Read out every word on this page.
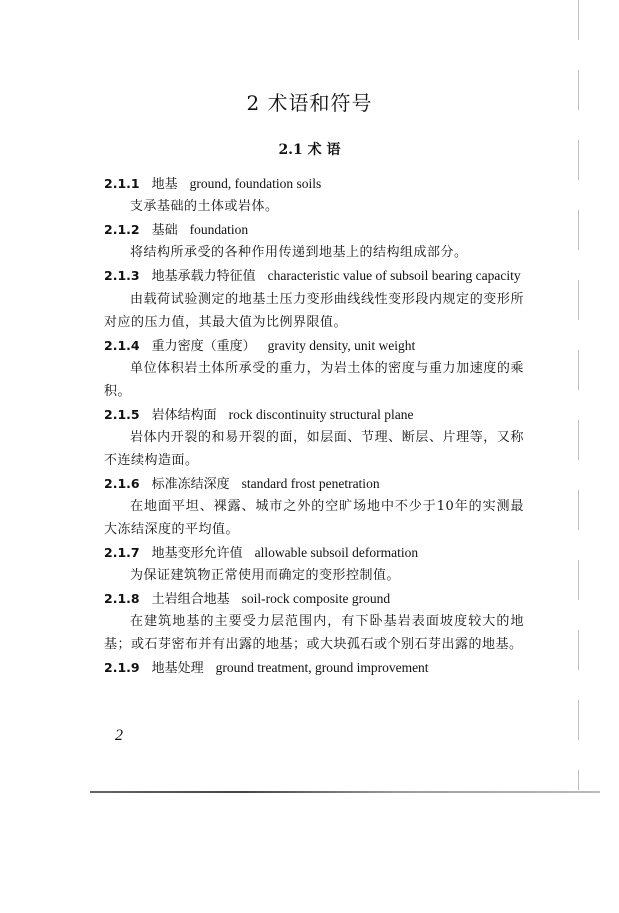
2 术语和符号
2.1 术 语
2.1.1 地基 ground, foundation soils
支承基础的土体或岩体。
2.1.2 基础 foundation
将结构所承受的各种作用传递到地基上的结构组成部分。
2.1.3 地基承载力特征值 characteristic value of subsoil bearing capacity
由载荷试验测定的地基土压力变形曲线线性变形段内规定的变形所对应的压力值，其最大值为比例界限值。
2.1.4 重力密度（重度） gravity density, unit weight
单位体积岩土体所承受的重力，为岩土体的密度与重力加速度的乘积。
2.1.5 岩体结构面 rock discontinuity structural plane
岩体内开裂的和易开裂的面，如层面、节理、断层、片理等，又称不连续构造面。
2.1.6 标准冻结深度 standard frost penetration
在地面平坦、裸露、城市之外的空旷场地中不少于10年的实测最大冻结深度的平均值。
2.1.7 地基变形允许值 allowable subsoil deformation
为保证建筑物正常使用而确定的变形控制值。
2.1.8 土岩组合地基 soil-rock composite ground
在建筑地基的主要受力层范围内，有下卧基岩表面坡度较大的地基；或石芽密布并有出露的地基；或大块孤石或个别石芽出露的地基。
2.1.9 地基处理 ground treatment, ground improvement
2
